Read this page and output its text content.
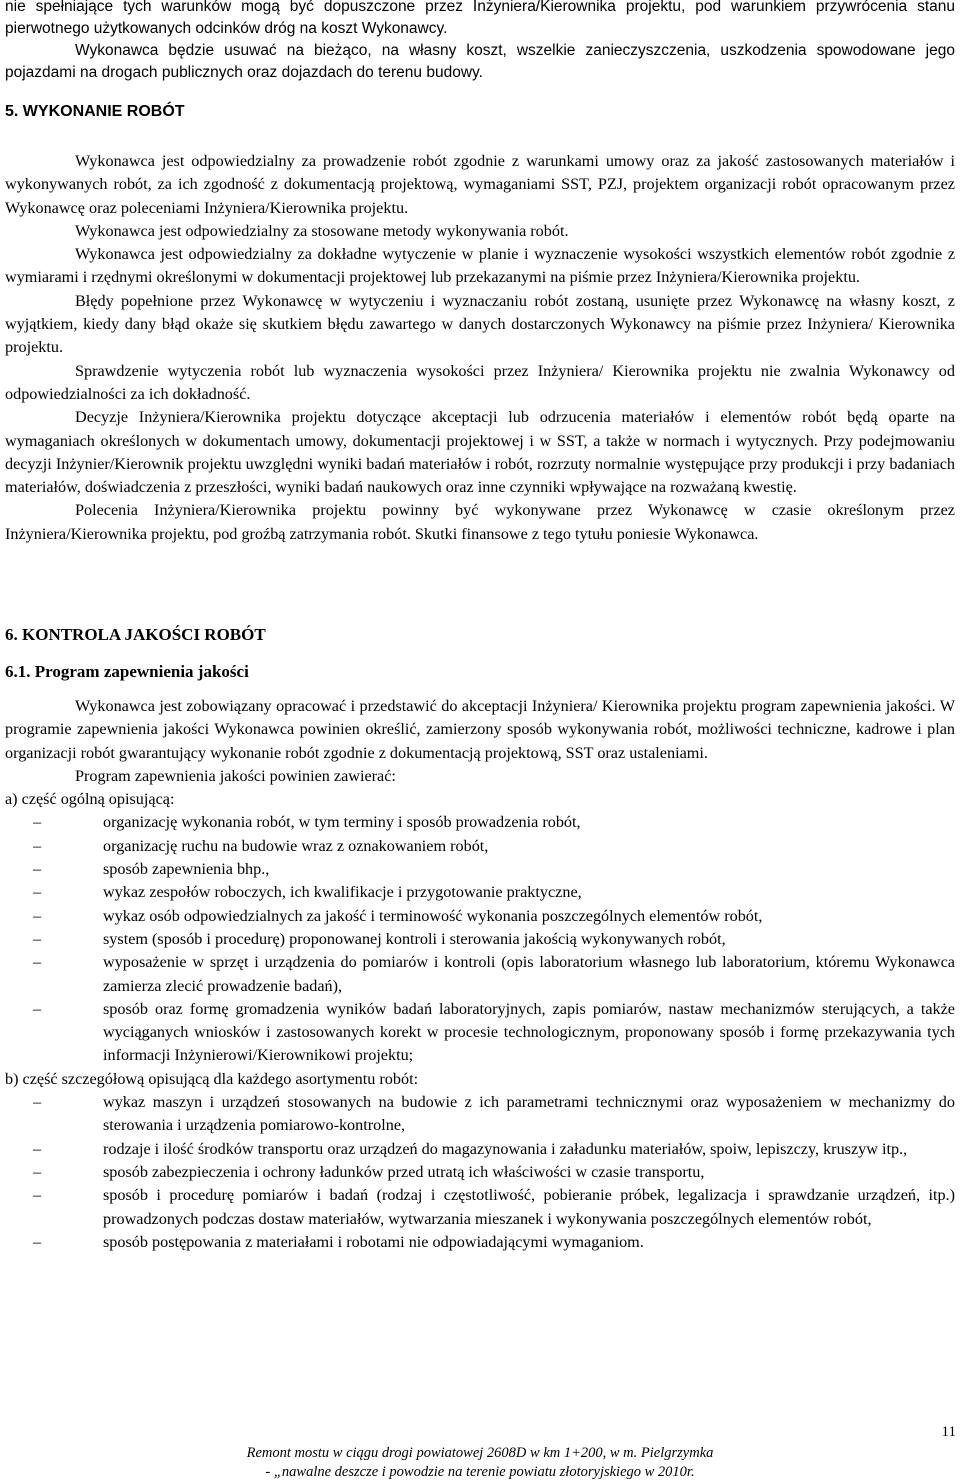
nie spełniające tych warunków mogą być dopuszczone przez Inżyniera/Kierownika projektu, pod warunkiem przywrócenia stanu pierwotnego użytkowanych odcinków dróg na koszt Wykonawcy.

Wykonawca będzie usuwać na bieżąco, na własny koszt, wszelkie zanieczyszczenia, uszkodzenia spowodowane jego pojazdami na drogach publicznych oraz dojazdach do terenu budowy.

5. WYKONANIE ROBÓT

Wykonawca jest odpowiedzialny za prowadzenie robót zgodnie z warunkami umowy oraz za jakość zastosowanych materiałów i wykonywanych robót, za ich zgodność z dokumentacją projektową, wymaganiami SST, PZJ, projektem organizacji robót opracowanym przez Wykonawcę oraz poleceniami Inżyniera/Kierownika projektu.

Wykonawca jest odpowiedzialny za stosowane metody wykonywania robót.

Wykonawca jest odpowiedzialny za dokładne wytyczenie w planie i wyznaczenie wysokości wszystkich elementów robót zgodnie z wymiarami i rzędnymi określonymi w dokumentacji projektowej lub przekazanymi na piśmie przez Inżyniera/Kierownika projektu.

Błędy popełnione przez Wykonawcę w wytyczeniu i wyznaczaniu robót zostaną, usunięte przez Wykonawcę na własny koszt, z wyjątkiem, kiedy dany błąd okaże się skutkiem błędu zawartego w danych dostarczonych Wykonawcy na piśmie przez Inżyniera/ Kierownika projektu.

Sprawdzenie wytyczenia robót lub wyznaczenia wysokości przez Inżyniera/ Kierownika projektu nie zwalnia Wykonawcy od odpowiedzialności za ich dokładność.

Decyzje Inżyniera/Kierownika projektu dotyczące akceptacji lub odrzucenia materiałów i elementów robót będą oparte na wymaganiach określonych w dokumentach umowy, dokumentacji projektowej i w SST, a także w normach i wytycznych. Przy podejmowaniu decyzji Inżynier/Kierownik projektu uwzględni wyniki badań materiałów i robót, rozrzuty normalnie występujące przy produkcji i przy badaniach materiałów, doświadczenia z przeszłości, wyniki badań naukowych oraz inne czynniki wpływające na rozważaną kwestię.

Polecenia Inżyniera/Kierownika projektu powinny być wykonywane przez Wykonawcę w czasie określonym przez Inżyniera/Kierownika projektu, pod groźbą zatrzymania robót. Skutki finansowe z tego tytułu poniesie Wykonawca.

6. KONTROLA JAKOŚCI ROBÓT
6.1. Program zapewnienia jakości

Wykonawca jest zobowiązany opracować i przedstawić do akceptacji Inżyniera/ Kierownika projektu program zapewnienia jakości. W programie zapewnienia jakości Wykonawca powinien określić, zamierzony sposób wykonywania robót, możliwości techniczne, kadrowe i plan organizacji robót gwarantujący wykonanie robót zgodnie z dokumentacją projektową, SST oraz ustaleniami.

Program zapewnienia jakości powinien zawierać:

a) część ogólną opisującą:

–	organizację wykonania robót, w tym terminy i sposób prowadzenia robót,
–	organizację ruchu na budowie wraz z oznakowaniem robót,
–	sposób zapewnienia bhp.,
–	wykaz zespołów roboczych, ich kwalifikacje i przygotowanie praktyczne,
–	wykaz osób odpowiedzialnych za jakość i terminowość wykonania poszczególnych elementów robót,
–	system (sposób i procedurę) proponowanej kontroli i sterowania jakością wykonywanych robót,
–	wyposażenie w sprzęt i urządzenia do pomiarów i kontroli (opis laboratorium własnego lub laboratorium, któremu Wykonawca zamierza zlecić prowadzenie badań),
–	sposób oraz formę gromadzenia wyników badań laboratoryjnych, zapis pomiarów, nastaw mechanizmów sterujących, a także wyciąganych wniosków i zastosowanych korekt w procesie technologicznym, proponowany sposób i formę przekazywania tych informacji Inżynierowi/Kierownikowi projektu;

b) część szczegółową opisującą dla każdego asortymentu robót:

–	wykaz maszyn i urządzeń stosowanych na budowie z ich parametrami technicznymi oraz wyposażeniem w mechanizmy do sterowania i urządzenia pomiarowo-kontrolne,
–	rodzaje i ilość środków transportu oraz urządzeń do magazynowania i załadunku materiałów, spoiw, lepiszczy, kruszyw itp.,
–	sposób zabezpieczenia i ochrony ładunków przed utratą ich właściwości w czasie transportu,
–	sposób i procedurę pomiarów i badań (rodzaj i częstotliwość, pobieranie próbek, legalizacja i sprawdzanie urządzeń, itp.) prowadzonych podczas dostaw materiałów, wytwarzania mieszanek i wykonywania poszczególnych elementów robót,
–	sposób postępowania z materiałami i robotami nie odpowiadającymi wymaganiom.
11
Remont mostu w ciągu drogi powiatowej 2608D w km 1+200, w m. Pielgrzymka
- „nawalne deszcze i powodzie na terenie powiatu złotoryjskiego w 2010r.
